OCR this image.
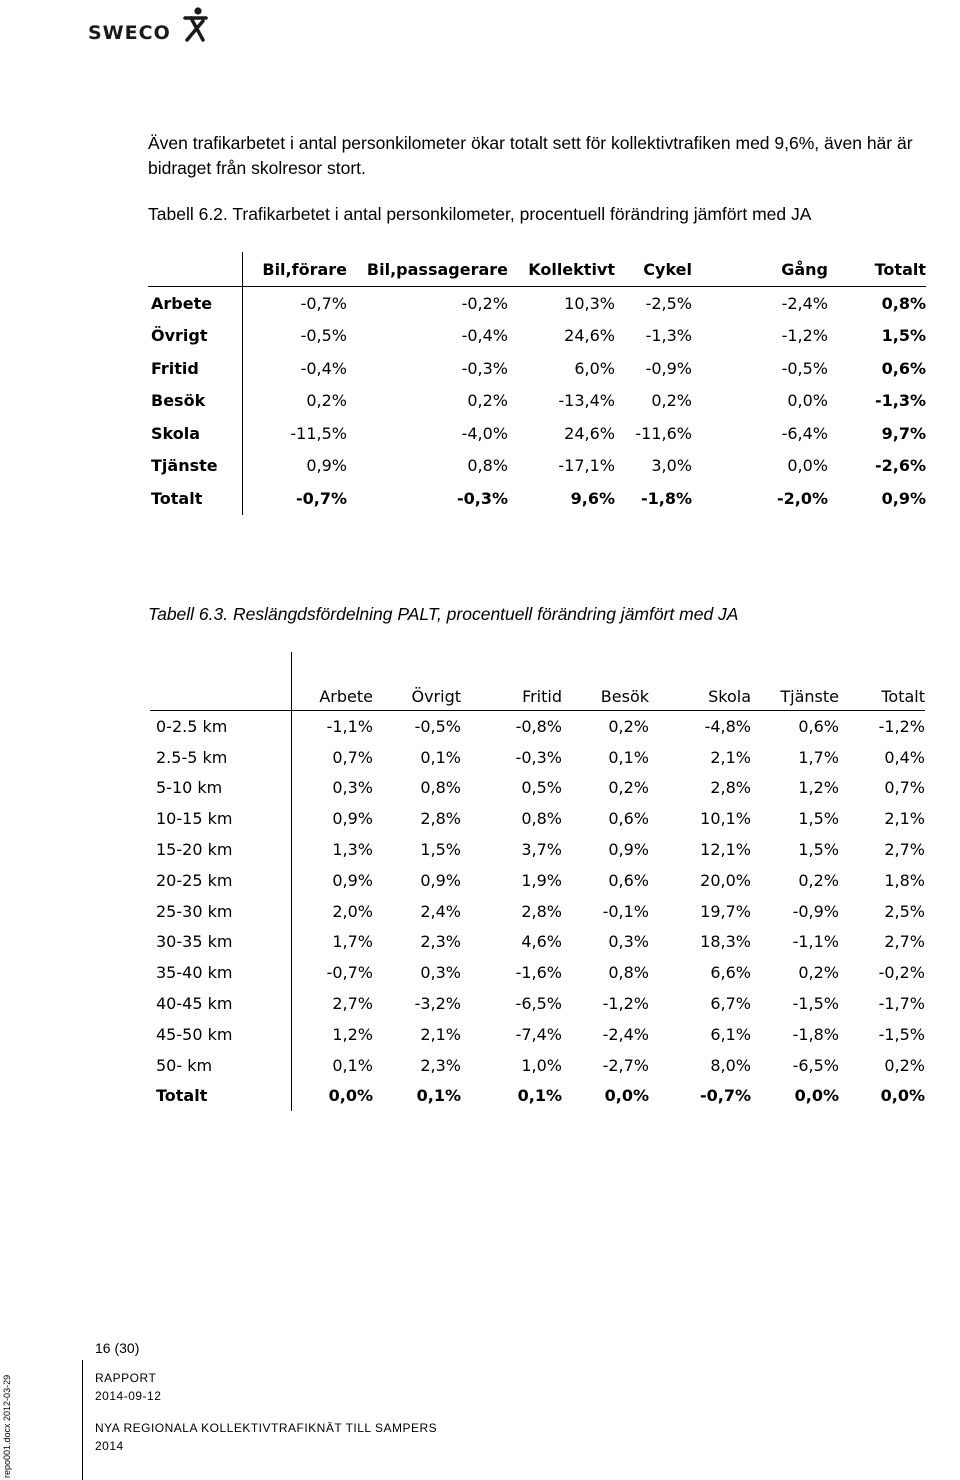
SWECO
Även trafikarbetet i antal personkilometer ökar totalt sett för kollektivtrafiken med 9,6%, även här är bidraget från skolresor stort.
Tabell 6.2. Trafikarbetet i antal personkilometer, procentuell förändring jämfört med JA
	Bil,förare	Bil,passagerare	Kollektivt	Cykel	Gång	Totalt
Arbete	-0,7%	-0,2%	10,3%	-2,5%	-2,4%	0,8%
Övrigt	-0,5%	-0,4%	24,6%	-1,3%	-1,2%	1,5%
Fritid	-0,4%	-0,3%	6,0%	-0,9%	-0,5%	0,6%
Besök	0,2%	0,2%	-13,4%	0,2%	0,0%	-1,3%
Skola	-11,5%	-4,0%	24,6%	-11,6%	-6,4%	9,7%
Tjänste	0,9%	0,8%	-17,1%	3,0%	0,0%	-2,6%
Totalt	-0,7%	-0,3%	9,6%	-1,8%	-2,0%	0,9%
Tabell 6.3. Reslängdsfördelning PALT, procentuell förändring jämfört med JA
	Arbete	Övrigt	Fritid	Besök	Skola	Tjänste	Totalt
0-2.5 km	-1,1%	-0,5%	-0,8%	0,2%	-4,8%	0,6%	-1,2%
2.5-5 km	0,7%	0,1%	-0,3%	0,1%	2,1%	1,7%	0,4%
5-10 km	0,3%	0,8%	0,5%	0,2%	2,8%	1,2%	0,7%
10-15 km	0,9%	2,8%	0,8%	0,6%	10,1%	1,5%	2,1%
15-20 km	1,3%	1,5%	3,7%	0,9%	12,1%	1,5%	2,7%
20-25 km	0,9%	0,9%	1,9%	0,6%	20,0%	0,2%	1,8%
25-30 km	2,0%	2,4%	2,8%	-0,1%	19,7%	-0,9%	2,5%
30-35 km	1,7%	2,3%	4,6%	0,3%	18,3%	-1,1%	2,7%
35-40 km	-0,7%	0,3%	-1,6%	0,8%	6,6%	0,2%	-0,2%
40-45 km	2,7%	-3,2%	-6,5%	-1,2%	6,7%	-1,5%	-1,7%
45-50 km	1,2%	2,1%	-7,4%	-2,4%	6,1%	-1,8%	-1,5%
50- km	0,1%	2,3%	1,0%	-2,7%	8,0%	-6,5%	0,2%
Totalt	0,0%	0,1%	0,1%	0,0%	-0,7%	0,0%	0,0%
16 (30)
RAPPORT
2014-09-12
NYA REGIONALA KOLLEKTIVTRAFIKNÄT TILL SAMPERS
2014
repo001.docx 2012-03-29
